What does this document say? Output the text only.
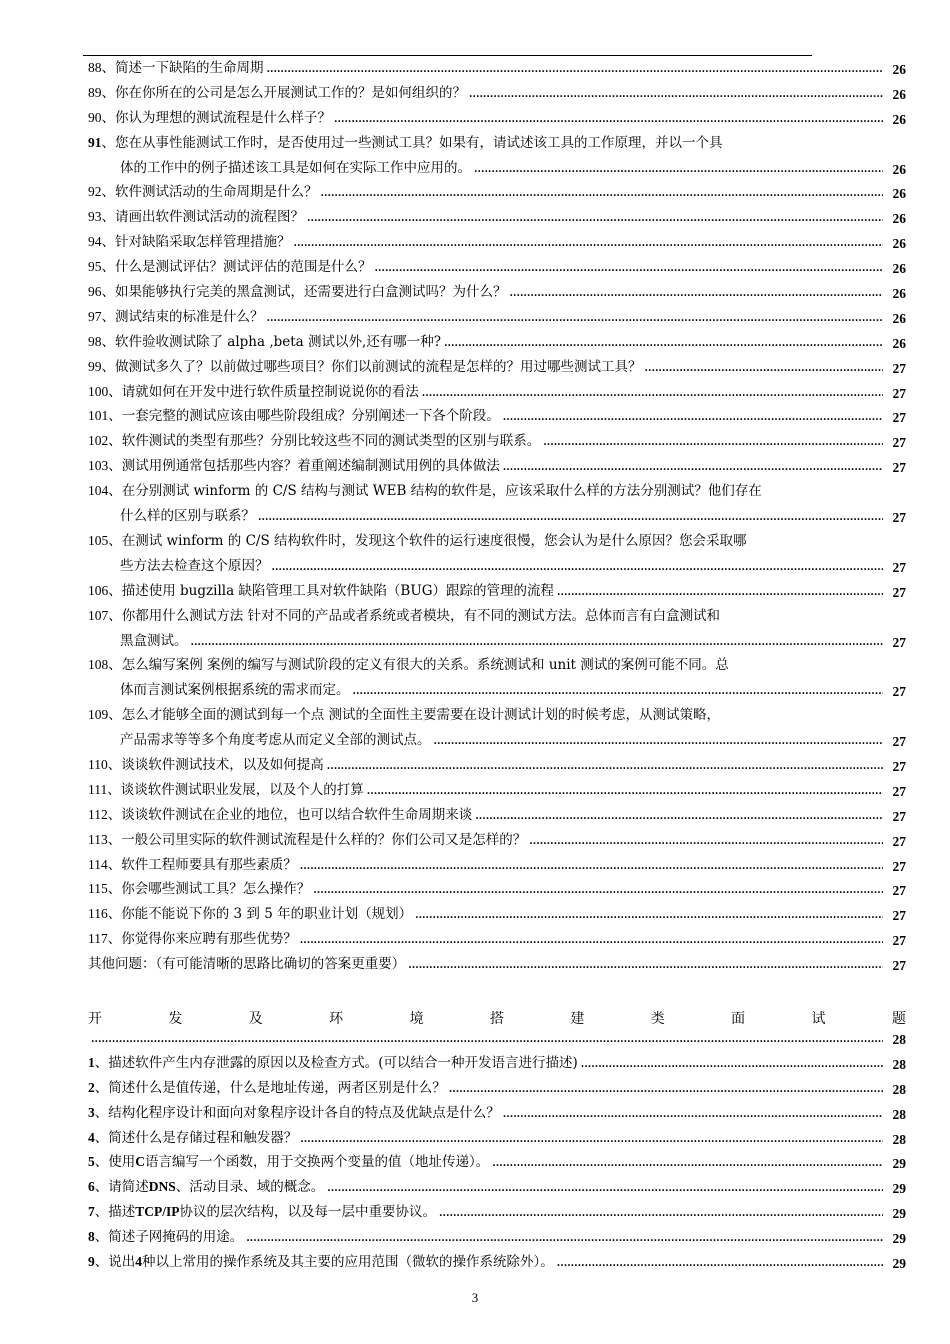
88 、简述一下缺陷的生命周期 .....	26
89 、你在你所在的公司是怎么开展测试工作的？是如何组织的？ .....	26
90 、你认为理想的测试流程是什么样子？ .....	26
91、您在从事性能测试工作时，是否使用过一些测试工具？如果有，请试述该工具的工作原理，并以一个具
体的工作中的例子描述该工具是如何在实际工作中应用的。 .....	26
92 、软件测试活动的生命周期是什么？ .....	26
93 、请画出软件测试活动的流程图？ .....	26
94 、针对缺陷采取怎样管理措施？ .....	26
95 、什么是测试评估？测试评估的范围是什么？ .....	26
96 、如果能够执行完美的黑盒测试，还需要进行白盒测试吗？为什么？ .....	26
97 、测试结束的标准是什么？ .....	26
98 、软件验收测试除了 alpha ,beta 测试以外,还有哪一种? .....	26
99 、做测试多久了？以前做过哪些项目？你们以前测试的流程是怎样的？用过哪些测试工具？ .....	27
100 、请就如何在开发中进行软件质量控制说说你的看法 .....	27
101 、一套完整的测试应该由哪些阶段组成？分别阐述一下各个阶段。 .....	27
102 、软件测试的类型有那些？分别比较这些不同的测试类型的区别与联系。 .....	27
103 、测试用例通常包括那些内容？着重阐述编制测试用例的具体做法 .....	27
104、在分别测试 winform 的 C/S 结构与测试 WEB 结构的软件是，应该采取什么样的方法分别测试？他们存在
什么样的区别与联系？ .....	27
105、在测试 winform 的 C/S 结构软件时，发现这个软件的运行速度很慢，您会认为是什么原因？您会采取哪
些方法去检查这个原因？ .....	27
106 、描述使用 bugzilla 缺陷管理工具对软件缺陷（BUG）跟踪的管理的流程 .....	27
107、你都用什么测试方法 针对不同的产品或者系统或者模块，有不同的测试方法。总体而言有白盒测试和
黑盒测试。 .....	27
108、怎么编写案例 案例的编写与测试阶段的定义有很大的关系。系统测试和 unit 测试的案例可能不同。总
体而言测试案例根据系统的需求而定。 .....	27
109、怎么才能够全面的测试到每一个点 测试的全面性主要需要在设计测试计划的时候考虑，从测试策略，
产品需求等等多个角度考虑从而定义全部的测试点。 .....	27
110 、谈谈软件测试技术，以及如何提高 .....	27
111 、谈谈软件测试职业发展，以及个人的打算 .....	27
112 、谈谈软件测试在企业的地位，也可以结合软件生命周期来谈 .....	27
113 、一般公司里实际的软件测试流程是什么样的？你们公司又是怎样的？ .....	27
114 、软件工程师要具有那些素质？ .....	27
115 、你会哪些测试工具？怎么操作？ .....	27
116 、你能不能说下你的 3 到 5 年的职业计划（规划） .....	27
117 、你觉得你来应聘有那些优势？ .....	27
其他问题：（有可能清晰的思路比确切的答案更重要） .....	27
开	发	及	环	境	搭	建	类	面	试	题
.....
28
1 、描述软件产生内存泄露的原因以及检查方式。(可以结合一种开发语言进行描述) .....	28
2 、简述什么是值传递，什么是地址传递，两者区别是什么？ .....	28
3 、结构化程序设计和面向对象程序设计各自的特点及优缺点是什么？ .....	28
4 、简述什么是存储过程和触发器？ .....	28
5 、使用 C 语言编写一个函数，用于交换两个变量的值（地址传递）。 .....	29
6 、请简述 DNS 、活动目录、域的概念。 .....	29
7 、描述 TCP/IP 协议的层次结构，以及每一层中重要协议。 .....	29
8 、简述子网掩码的用途。 .....	29
9 、说出 4 种以上常用的操作系统及其主要的应用范围（微软的操作系统除外）。 .....	29
3
